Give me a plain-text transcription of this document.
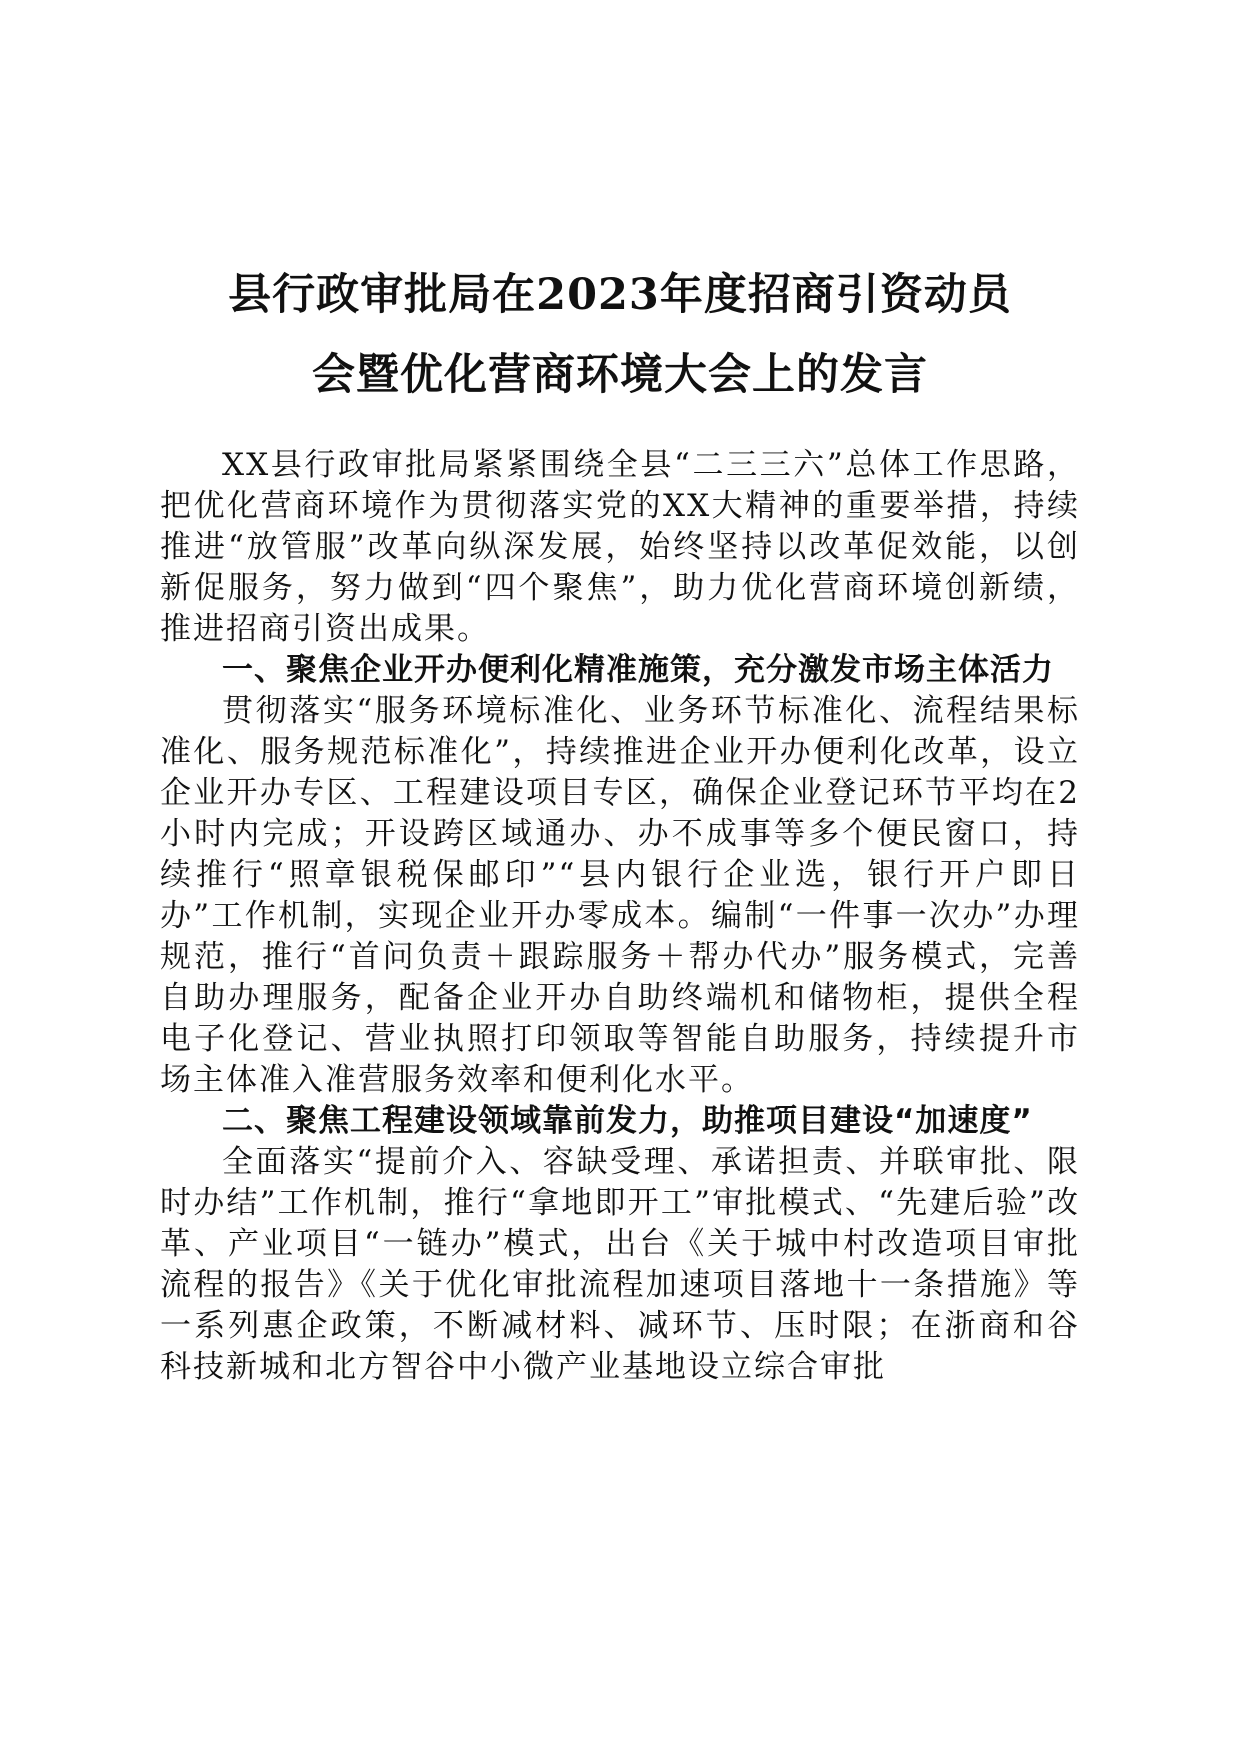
县行政审批局在2023年度招商引资动员
会暨优化营商环境大会上的发言

XX县行政审批局紧紧围绕全县“二三三六”总体工作思路，把优化营商环境作为贯彻落实党的XX大精神的重要举措，持续推进“放管服”改革向纵深发展，始终坚持以改革促效能，以创新促服务，努力做到“四个聚焦”，助力优化营商环境创新绩，推进招商引资出成果。

一、聚焦企业开办便利化精准施策，充分激发市场主体活力

贯彻落实“服务环境标准化、业务环节标准化、流程结果标准化、服务规范标准化”，持续推进企业开办便利化改革，设立企业开办专区、工程建设项目专区，确保企业登记环节平均在2小时内完成；开设跨区域通办、办不成事等多个便民窗口，持续推行“照章银税保邮印”“县内银行企业选，银行开户即日办”工作机制，实现企业开办零成本。编制“一件事一次办”办理规范，推行“首问负责＋跟踪服务＋帮办代办”服务模式，完善自助办理服务，配备企业开办自助终端机和储物柜，提供全程电子化登记、营业执照打印领取等智能自助服务，持续提升市场主体准入准营服务效率和便利化水平。

二、聚焦工程建设领域靠前发力，助推项目建设“加速度”

全面落实“提前介入、容缺受理、承诺担责、并联审批、限时办结”工作机制，推行“拿地即开工”审批模式、“先建后验”改革、产业项目“一链办”模式，出台《关于城中村改造项目审批流程的报告》《关于优化审批流程加速项目落地十一条措施》等一系列惠企政策，不断减材料、减环节、压时限；在浙商和谷科技新城和北方智谷中小微产业基地设立综合审批
